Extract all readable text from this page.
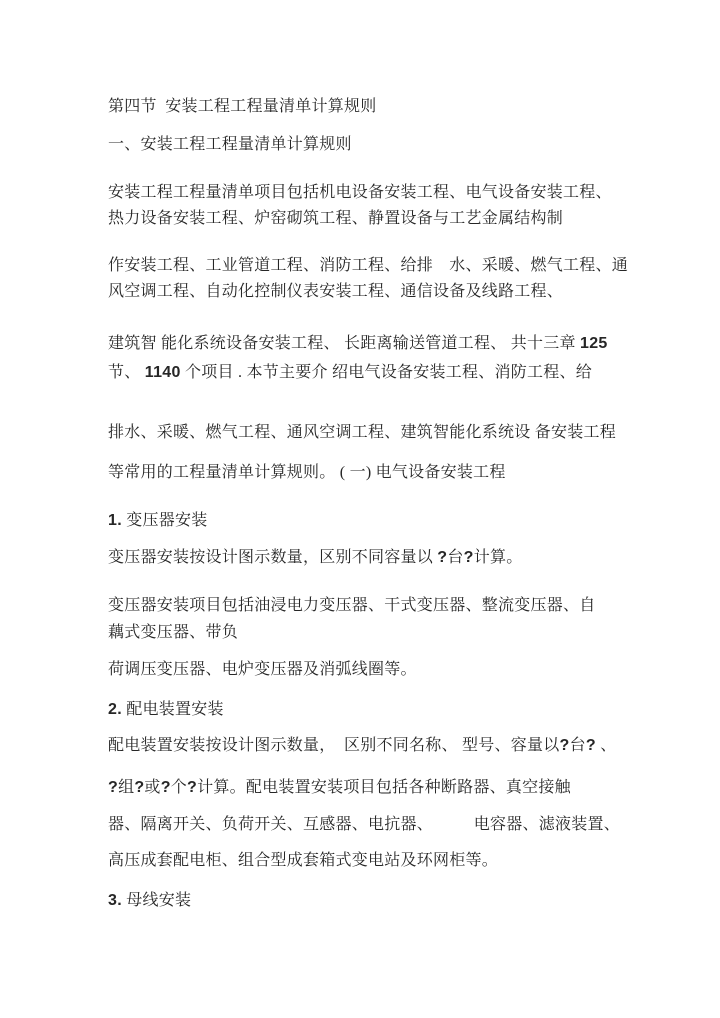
第四节  安装工程工程量清单计算规则

一、安装工程工程量清单计算规则

安装工程工程量清单项目包括机电设备安装工程、电气设备安装工程、

热力设备安装工程、炉窑砌筑工程、静置设备与工艺金属结构制

作安装工程、工业管道工程、消防工程、给排　水、采暖、燃气工程、通

风空调工程、自动化控制仪表安装工程、通信设备及线路工程、

建筑智 能化系统设备安装工程、 长距离输送管道工程、 共十三章 125

节、 1140 个项目 . 本节主要介 绍电气设备安装工程、消防工程、给

排水、采暖、燃气工程、通风空调工程、建筑智能化系统设 备安装工程

等常用的工程量清单计算规则。 ( 一) 电气设备安装工程

1. 变压器安装

变压器安装按设计图示数量，区别不同容量以 ?台?计算。

变压器安装项目包括油浸电力变压器、干式变压器、整流变压器、自

藕式变压器、带负

荷调压变压器、电炉变压器及消弧线圈等。

2. 配电装置安装

配电装置安装按设计图示数量，  区别不同名称、 型号、容量以?台? 、

?组?或?个?计算。配电装置安装项目包括各种断路器、真空接触

器、隔离开关、负荷开关、互感器、电抗器、　　　电容器、滤液装置、

高压成套配电柜、组合型成套箱式变电站及环网柜等。

3. 母线安装
